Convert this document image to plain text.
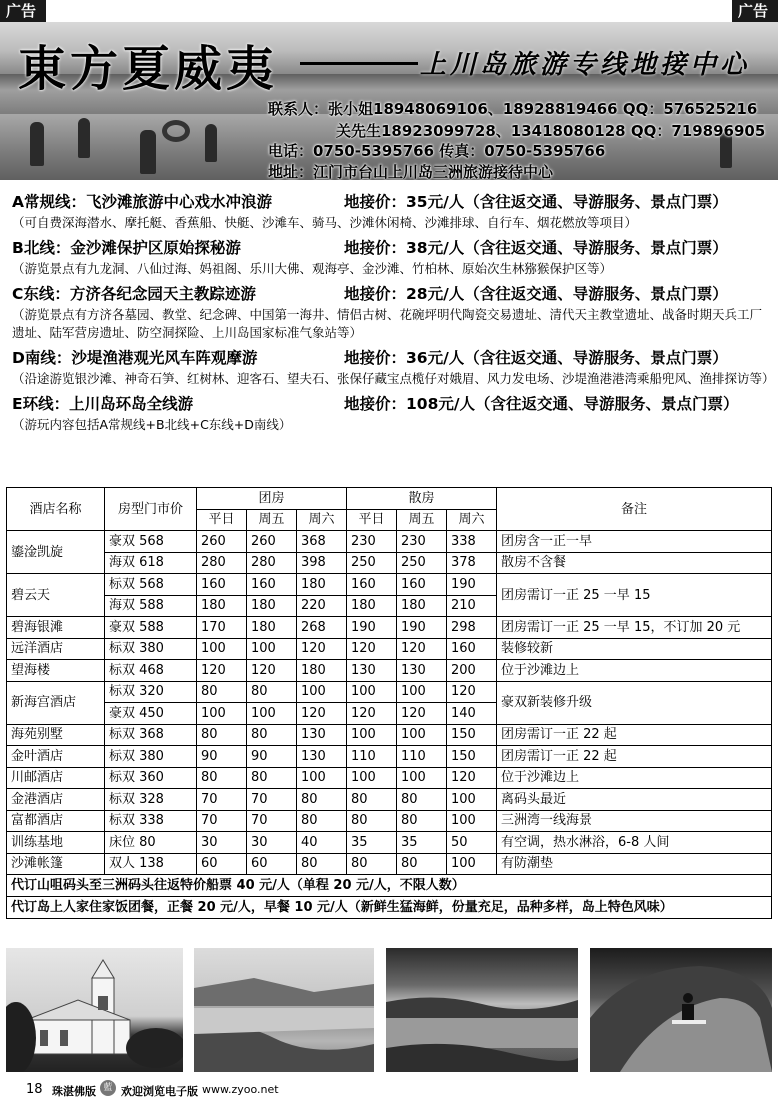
广告	广告
東方夏威夷	上川岛旅游专线地接中心
联系人：张小姐18948069106、18928819466 QQ：576525216
关先生18923099728、13418080128 QQ：719896905
电话：0750-5395766 传真：0750-5395766
地址：江门市台山上川岛三洲旅游接待中心
A常规线：飞沙滩旅游中心戏水冲浪游	地接价：35元/人（含往返交通、导游服务、景点门票）
（可自费深海潜水、摩托艇、香蕉船、快艇、沙滩车、骑马、沙滩休闲椅、沙滩排球、自行车、烟花燃放等项目）
B北线：金沙滩保护区原始探秘游	地接价：38元/人（含往返交通、导游服务、景点门票）
（游览景点有九龙洞、八仙过海、妈祖阁、乐川大佛、观海亭、金沙滩、竹柏林、原始次生林猕猴保护区等）
C东线：方济各纪念园天主教踪迹游	地接价：28元/人（含往返交通、导游服务、景点门票）
（游览景点有方济各墓园、教堂、纪念碑、中国第一海井、情侣古树、花碗坪明代陶瓷交易遗址、清代天主教堂遗址、战备时期天兵工厂遗址、陆军营房遗址、防空洞探险、上川岛国家标准气象站等）
D南线：沙堤渔港观光风车阵观摩游	地接价：36元/人（含往返交通、导游服务、景点门票）
（沿途游览银沙滩、神奇石笋、红树林、迎客石、望夫石、张保仔藏宝点榄仔对娥眉、风力发电场、沙堤渔港港湾乘船兜风、渔排探访等）
E环线：上川岛环岛全线游	地接价：108元/人（含往返交通、导游服务、景点门票）
（游玩内容包括A常规线+B北线+C东线+D南线）
酒店名称	房型门市价	团房			散房			备注
		平日	周五	周六	平日	周五	周六	
鎏淦凯旋	豪双 568	260	260	368	230	230	338	团房含一正一早
	海双 618	280	280	398	250	250	378	散房不含餐
碧云天	标双 568	160	160	180	160	160	190	团房需订一正 25 一早 15
	海双 588	180	180	220	180	180	210	
碧海银滩	豪双 588	170	180	268	190	190	298	团房需订一正 25 一早 15，不订加 20 元
远洋酒店	标双 380	100	100	120	120	120	160	装修较新
望海楼	标双 468	120	120	180	130	130	200	位于沙滩边上
新海宫酒店	标双 320	80	80	100	100	100	120	豪双新装修升级
	豪双 450	100	100	120	120	120	140	
海苑别墅	标双 368	80	80	130	100	100	150	团房需订一正 22 起
金叶酒店	标双 380	90	90	130	110	110	150	团房需订一正 22 起
川邮酒店	标双 360	80	80	100	100	100	120	位于沙滩边上
金港酒店	标双 328	70	70	80	80	80	100	离码头最近
富都酒店	标双 338	70	70	80	80	80	100	三洲湾一线海景
训练基地	床位 80	30	30	40	35	35	50	有空调，热水淋浴，6-8 人间
沙滩帐篷	双人 138	60	60	80	80	80	100	有防潮垫
代订山咀码头至三洲码头往返特价船票 40 元/人（单程 20 元/人，不限人数）								
代订岛上人家住家饭团餐，正餐 20 元/人，早餐 10 元/人（新鲜生猛海鲜，份量充足，品种多样，岛上特色风味）								
18 珠湛佛版 藍 欢迎浏览电子版 www.zyoo.net
